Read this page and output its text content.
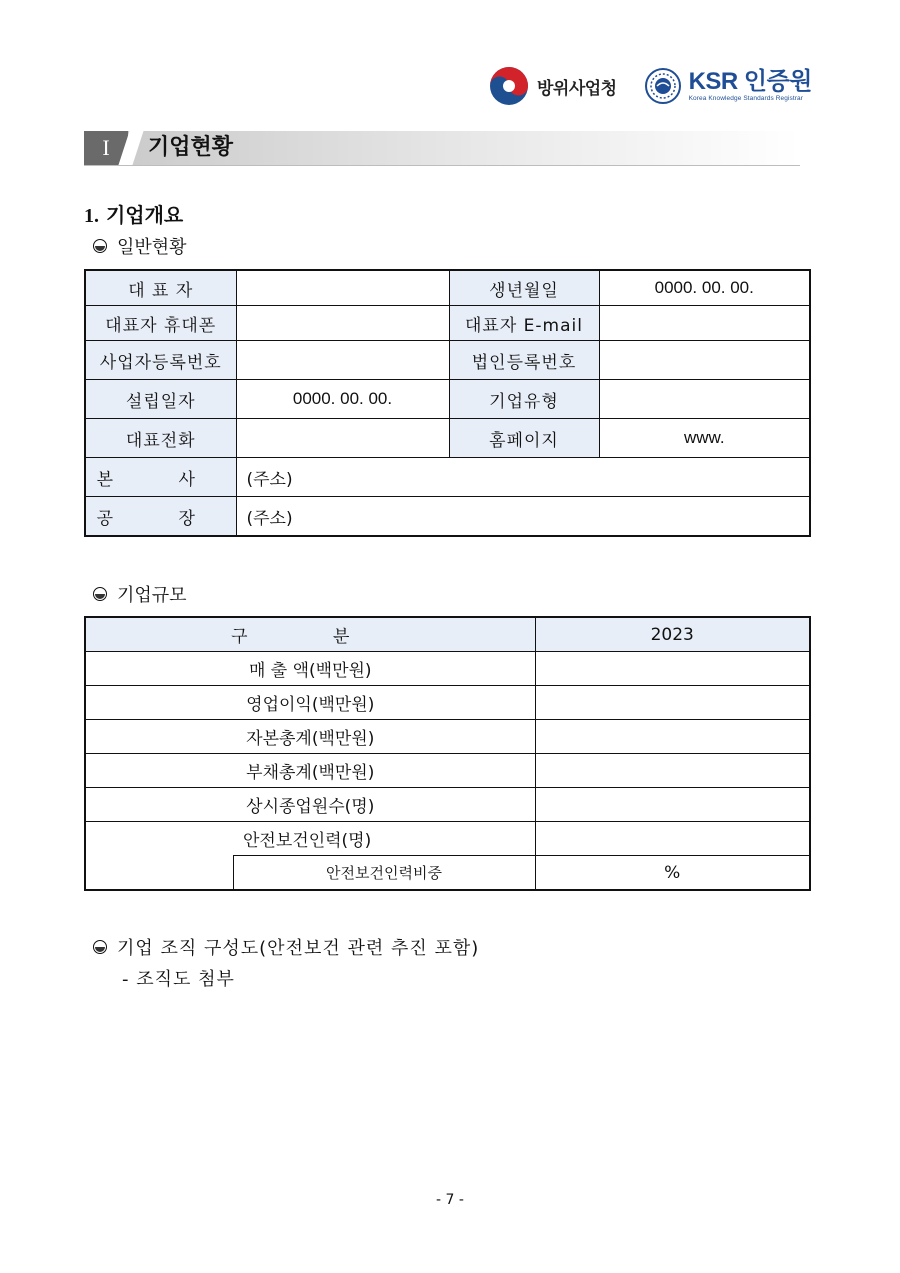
방위사업청	KSR 인증원
Korea Knowledge Standards Registrar
I	기업현황
1. 기업개요
일반현황
대 표 자		생년월일	0000. 00. 00.
대표자 휴대폰		대표자 E-mail	
사업자등록번호		법인등록번호	
설립일자	0000. 00. 00.	기업유형	
대표전화		홈페이지	www.
본 사	(주소)		
공 장	(주소)		
기업규모
구 분		2023
매 출 액(백만원)		
영업이익(백만원)		
자본총계(백만원)		
부채총계(백만원)		
상시종업원수(명)		
	안전보건인력(명)	
	안전보건인력비중	%
기업 조직 구성도(안전보건 관련 추진 포함)
- 조직도 첨부
- 7 -
